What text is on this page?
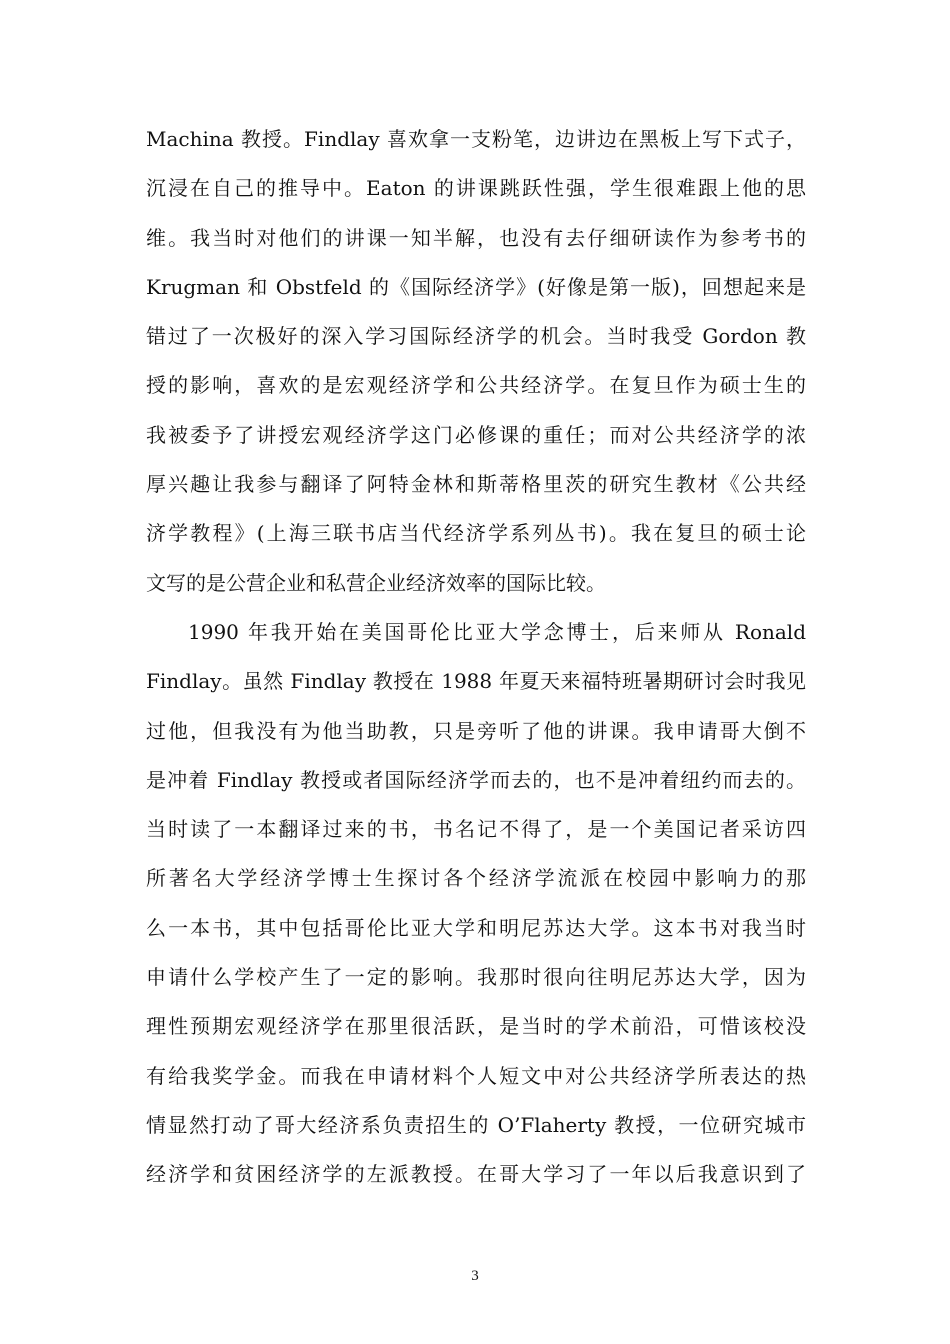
Machina 教授。Findlay 喜欢拿一支粉笔，边讲边在黑板上写下式子，
沉浸在自己的推导中。Eaton 的讲课跳跃性强，学生很难跟上他的思
维。我当时对他们的讲课一知半解，也没有去仔细研读作为参考书的
Krugman 和 Obstfeld 的《国际经济学》(好像是第一版)，回想起来是
错过了一次极好的深入学习国际经济学的机会。当时我受 Gordon 教
授的影响，喜欢的是宏观经济学和公共经济学。在复旦作为硕士生的
我被委予了讲授宏观经济学这门必修课的重任；而对公共经济学的浓
厚兴趣让我参与翻译了阿特金林和斯蒂格里茨的研究生教材《公共经
济学教程》(上海三联书店当代经济学系列丛书)。我在复旦的硕士论
文写的是公营企业和私营企业经济效率的国际比较。
1990 年我开始在美国哥伦比亚大学念博士，后来师从 Ronald
Findlay。虽然 Findlay 教授在 1988 年夏天来福特班暑期研讨会时我见
过他，但我没有为他当助教，只是旁听了他的讲课。我申请哥大倒不
是冲着 Findlay 教授或者国际经济学而去的，也不是冲着纽约而去的。
当时读了一本翻译过来的书，书名记不得了，是一个美国记者采访四
所著名大学经济学博士生探讨各个经济学流派在校园中影响力的那
么一本书，其中包括哥伦比亚大学和明尼苏达大学。这本书对我当时
申请什么学校产生了一定的影响。我那时很向往明尼苏达大学，因为
理性预期宏观经济学在那里很活跃，是当时的学术前沿，可惜该校没
有给我奖学金。而我在申请材料个人短文中对公共经济学所表达的热
情显然打动了哥大经济系负责招生的 O’Flaherty 教授，一位研究城市
经济学和贫困经济学的左派教授。在哥大学习了一年以后我意识到了
3
